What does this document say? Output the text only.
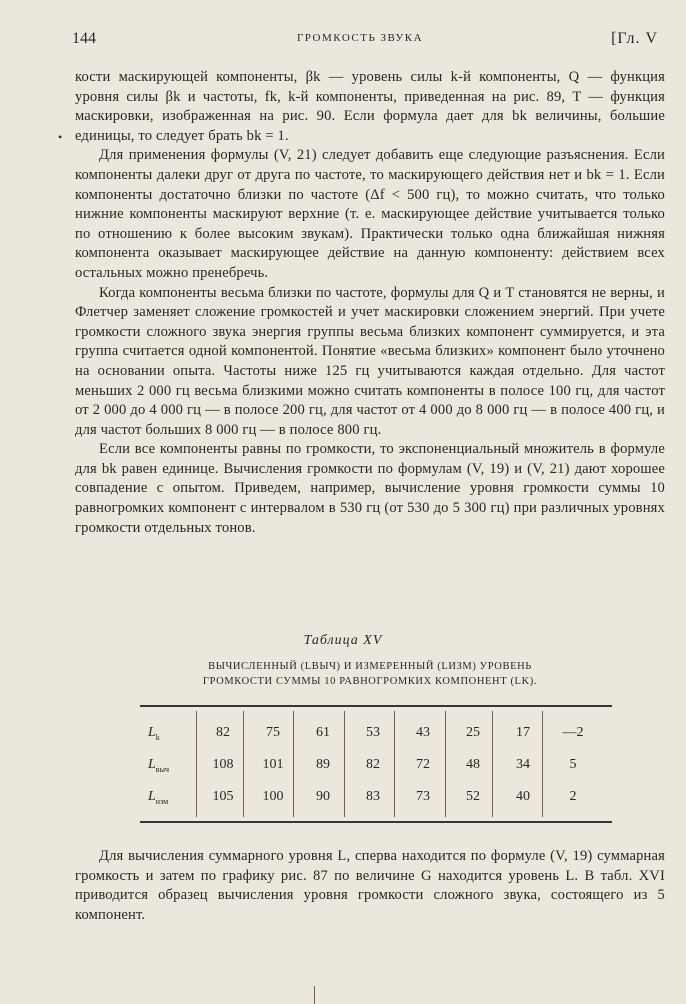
144	ГРОМКОСТЬ ЗВУКА	[Гл. V
•

кости маскирующей компоненты, βk — уровень силы k-й компоненты, Q — функция уровня силы βk и частоты, fk, k-й компоненты, приведенная на рис. 89, T — функция маскировки, изображенная на рис. 90. Если формула дает для bk величины, большие единицы, то следует брать bk = 1.

Для применения формулы (V, 21) следует добавить еще следующие разъяснения. Если компоненты далеки друг от друга по частоте, то маскирующего действия нет и bk = 1. Если компоненты достаточно близки по частоте (Δf < 500 гц), то можно считать, что только нижние компоненты маскируют верхние (т. е. маскирующее действие учитывается только по отношению к более высоким звукам). Практически только одна ближайшая нижняя компонента оказывает маскирующее действие на данную компоненту: действием всех остальных можно пренебречь.

Когда компоненты весьма близки по частоте, формулы для Q и T становятся не верны, и Флетчер заменяет сложение громкостей и учет маскировки сложением энергий. При учете громкости сложного звука энергия группы весьма близких компонент суммируется, и эта группа считается одной компонентой. Понятие «весьма близких» компонент было уточнено на основании опыта. Частоты ниже 125 гц учитываются каждая отдельно. Для частот меньших 2 000 гц весьма близкими можно считать компоненты в полосе 100 гц, для частот от 2 000 до 4 000 гц — в полосе 200 гц, для частот от 4 000 до 8 000 гц — в полосе 400 гц, и для частот больших 8 000 гц — в полосе 800 гц.

Если все компоненты равны по громкости, то экспоненциальный множитель в формуле для bk равен единице. Вычисления громкости по формулам (V, 19) и (V, 21) дают хорошее совпадение с опытом. Приведем, например, вычисление уровня громкости суммы 10 равногромких компонент с интервалом в 530 гц (от 530 до 5 300 гц) при различных уровнях громкости отдельных тонов.

Таблица XV
ВЫЧИСЛЕННЫЙ (LВЫЧ) И ИЗМЕРЕННЫЙ (LИЗМ) УРОВЕНЬ ГРОМКОСТИ СУММЫ 10 РАВНОГРОМКИХ КОМПОНЕНТ (LK).
$L_k$	82	75	61	53	43	25	17	—2
$L_{выч}$	108	101	89	82	72	48	34	5
$L_{изм}$	105	100	90	83	73	52	40	2

Для вычисления суммарного уровня L, сперва находится по формуле (V, 19) суммарная громкость и затем по графику рис. 87 по величине G находится уровень L. В табл. XVI приводится образец вычисления уровня громкости сложного звука, состоящего из 5 компонент.
